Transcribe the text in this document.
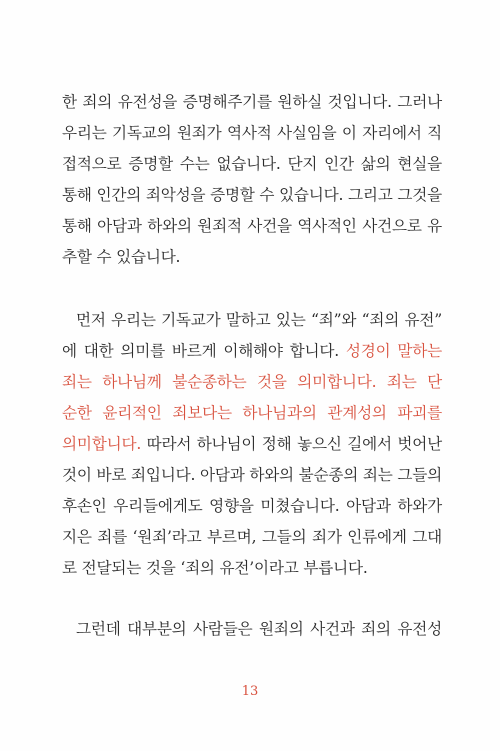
한 죄의 유전성을 증명해주기를 원하실 것입니다. 그러나
우리는 기독교의 원죄가 역사적 사실임을 이 자리에서 직
접적으로 증명할 수는 없습니다. 단지 인간 삶의 현실을
통해 인간의 죄악성을 증명할 수 있습니다. 그리고 그것을
통해 아담과 하와의 원죄적 사건을 역사적인 사건으로 유
추할 수 있습니다.
먼저 우리는 기독교가 말하고 있는 “죄”와 “죄의 유전”
에 대한 의미를 바르게 이해해야 합니다. 성경이 말하는
죄는 하나님께 불순종하는 것을 의미합니다. 죄는 단
순한 윤리적인 죄보다는 하나님과의 관계성의 파괴를
의미합니다. 따라서 하나님이 정해 놓으신 길에서 벗어난
것이 바로 죄입니다. 아담과 하와의 불순종의 죄는 그들의
후손인 우리들에게도 영향을 미쳤습니다. 아담과 하와가
지은 죄를 ‘원죄’라고 부르며, 그들의 죄가 인류에게 그대
로 전달되는 것을 ‘죄의 유전’이라고 부릅니다.
그런데 대부분의 사람들은 원죄의 사건과 죄의 유전성
13
